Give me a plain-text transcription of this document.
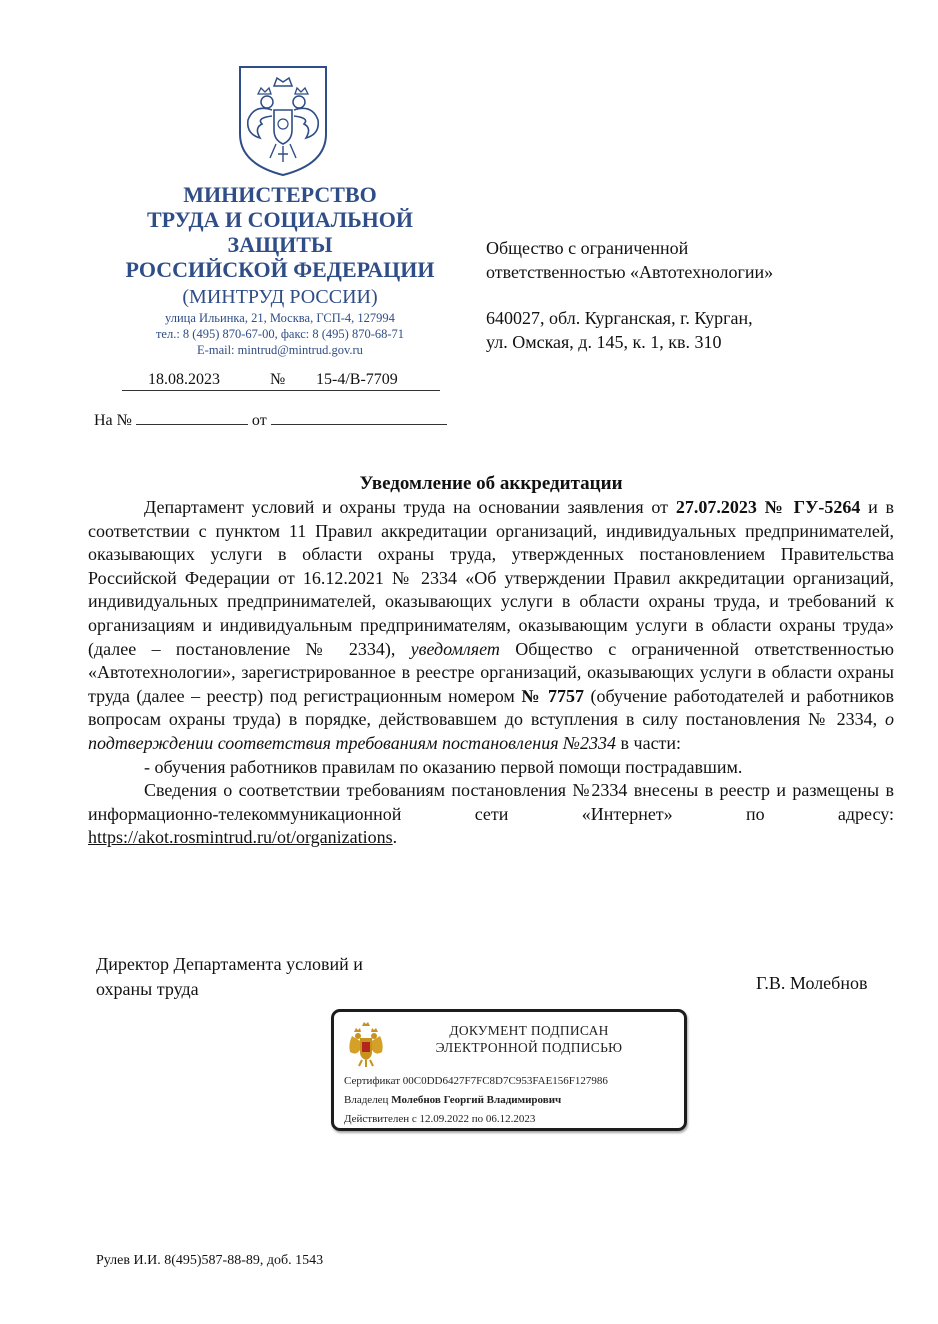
МИНИСТЕРСТВО
ТРУДА И СОЦИАЛЬНОЙ
ЗАЩИТЫ
РОССИЙСКОЙ ФЕДЕРАЦИИ
(МИНТРУД РОССИИ)
улица Ильинка, 21, Москва, ГСП-4, 127994
тел.: 8 (495) 870-67-00, факс: 8 (495) 870-68-71
E-mail: mintrud@mintrud.gov.ru
18.08.2023	№ 15-4/В-7709
На №	от
Общество с ограниченной
ответственностью «Автотехнологии»
640027, обл. Курганская, г. Курган,
ул. Омская, д. 145, к. 1, кв. 310
Уведомление об аккредитации

Департамент условий и охраны труда на основании заявления от 27.07.2023 № ГУ-5264 и в соответствии с пунктом 11 Правил аккредитации организаций, индивидуальных предпринимателей, оказывающих услуги в области охраны труда, утвержденных постановлением Правительства Российской Федерации от 16.12.2021 № 2334 «Об утверждении Правил аккредитации организаций, индивидуальных предпринимателей, оказывающих услуги в области охраны труда, и требований к организациям и индивидуальным предпринимателям, оказывающим услуги в области охраны труда» (далее – постановление № 2334), уведомляет Общество с ограниченной ответственностью «Автотехнологии», зарегистрированное в реестре организаций, оказывающих услуги в области охраны труда (далее – реестр) под регистрационным номером № 7757 (обучение работодателей и работников вопросам охраны труда) в порядке, действовавшем до вступления в силу постановления № 2334, о подтверждении соответствия требованиям постановления №2334 в части:

- обучения работников правилам по оказанию первой помощи пострадавшим.

Сведения о соответствии требованиям постановления №2334 внесены в реестр и размещены в информационно-телекоммуникационной сети «Интернет» по адресу: https://akot.rosmintrud.ru/ot/organizations.

Директор Департамента условий и
охраны труда	Г.В. Молебнов
ДОКУМЕНТ ПОДПИСАН
ЭЛЕКТРОННОЙ ПОДПИСЬЮ
Сертификат 00C0DD6427F7FC8D7C953FAE156F127986
Владелец Молебнов Георгий Владимирович
Действителен с 12.09.2022 по 06.12.2023
Рулев И.И. 8(495)587-88-89, доб. 1543
